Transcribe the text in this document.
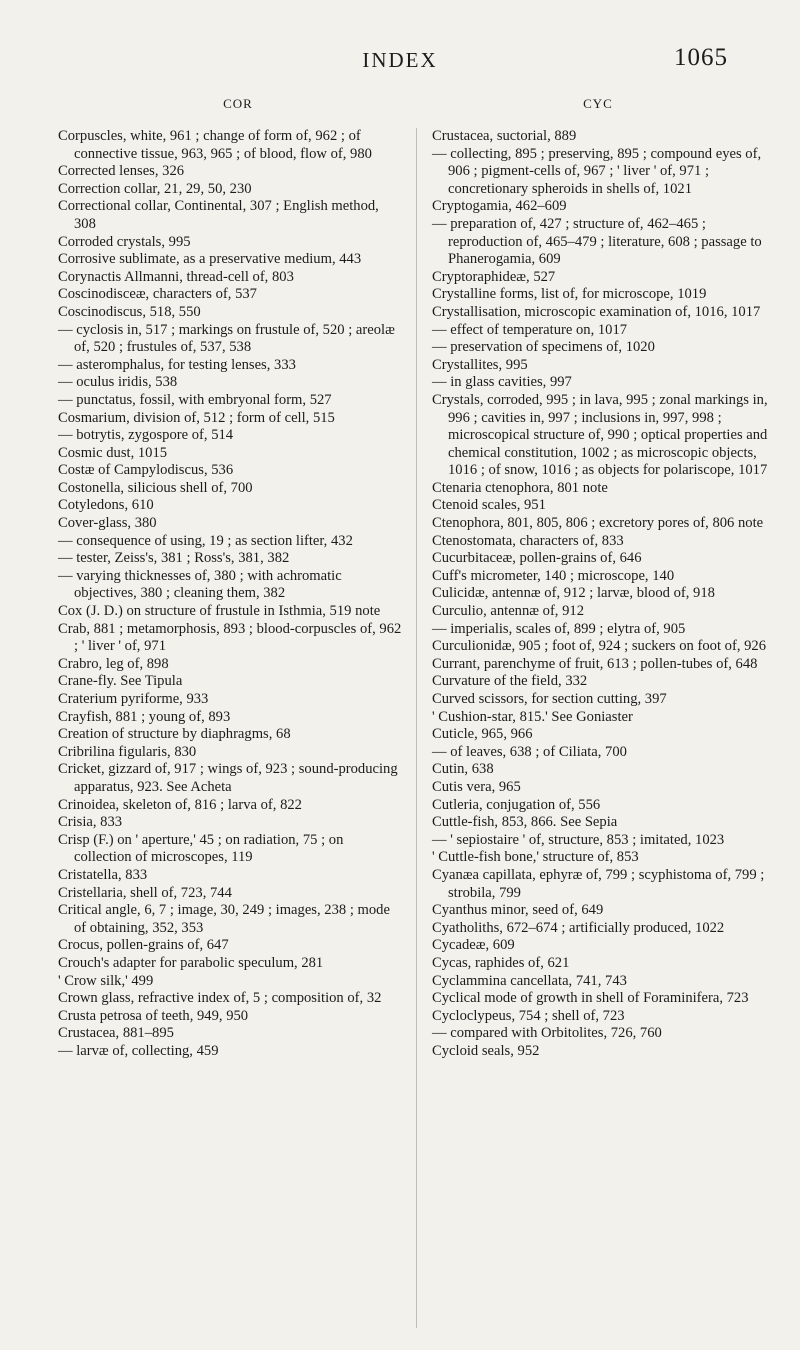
INDEX	1065
COR	CYC

Corpuscles, white, 961 ; change of form of, 962 ; of connective tissue, 963, 965 ; of blood, flow of, 980

Corrected lenses, 326

Correction collar, 21, 29, 50, 230

Correctional collar, Continental, 307 ; English method, 308

Corroded crystals, 995

Corrosive sublimate, as a preservative medium, 443

Corynactis Allmanni, thread-cell of, 803

Coscinodisceæ, characters of, 537

Coscinodiscus, 518, 550

— cyclosis in, 517 ; markings on frustule of, 520 ; areolæ of, 520 ; frustules of, 537, 538

— asteromphalus, for testing lenses, 333

— oculus iridis, 538

— punctatus, fossil, with embryonal form, 527

Cosmarium, division of, 512 ; form of cell, 515

— botrytis, zygospore of, 514

Cosmic dust, 1015

Costæ of Campylodiscus, 536

Costonella, silicious shell of, 700

Cotyledons, 610

Cover-glass, 380

— consequence of using, 19 ; as section lifter, 432

— tester, Zeiss's, 381 ; Ross's, 381, 382

— varying thicknesses of, 380 ; with achromatic objectives, 380 ; cleaning them, 382

Cox (J. D.) on structure of frustule in Isthmia, 519 note

Crab, 881 ; metamorphosis, 893 ; blood-corpuscles of, 962 ; ' liver ' of, 971

Crabro, leg of, 898

Crane-fly. See Tipula

Craterium pyriforme, 933

Crayfish, 881 ; young of, 893

Creation of structure by diaphragms, 68

Cribrilina figularis, 830

Cricket, gizzard of, 917 ; wings of, 923 ; sound-producing apparatus, 923. See Acheta

Crinoidea, skeleton of, 816 ; larva of, 822

Crisia, 833

Crisp (F.) on ' aperture,' 45 ; on radiation, 75 ; on collection of microscopes, 119

Cristatella, 833

Cristellaria, shell of, 723, 744

Critical angle, 6, 7 ; image, 30, 249 ; images, 238 ; mode of obtaining, 352, 353

Crocus, pollen-grains of, 647

Crouch's adapter for parabolic speculum, 281

' Crow silk,' 499

Crown glass, refractive index of, 5 ; composition of, 32

Crusta petrosa of teeth, 949, 950

Crustacea, 881–895

— larvæ of, collecting, 459

Crustacea, suctorial, 889

— collecting, 895 ; preserving, 895 ; compound eyes of, 906 ; pigment-cells of, 967 ; ' liver ' of, 971 ; concretionary spheroids in shells of, 1021

Cryptogamia, 462–609

— preparation of, 427 ; structure of, 462–465 ; reproduction of, 465–479 ; literature, 608 ; passage to Phanerogamia, 609

Cryptoraphideæ, 527

Crystalline forms, list of, for microscope, 1019

Crystallisation, microscopic examination of, 1016, 1017

— effect of temperature on, 1017

— preservation of specimens of, 1020

Crystallites, 995

— in glass cavities, 997

Crystals, corroded, 995 ; in lava, 995 ; zonal markings in, 996 ; cavities in, 997 ; inclusions in, 997, 998 ; microscopical structure of, 990 ; optical properties and chemical constitution, 1002 ; as microscopic objects, 1016 ; of snow, 1016 ; as objects for polariscope, 1017

Ctenaria ctenophora, 801 note

Ctenoid scales, 951

Ctenophora, 801, 805, 806 ; excretory pores of, 806 note

Ctenostomata, characters of, 833

Cucurbitaceæ, pollen-grains of, 646

Cuff's micrometer, 140 ; microscope, 140

Culicidæ, antennæ of, 912 ; larvæ, blood of, 918

Curculio, antennæ of, 912

— imperialis, scales of, 899 ; elytra of, 905

Curculionidæ, 905 ; foot of, 924 ; suckers on foot of, 926

Currant, parenchyme of fruit, 613 ; pollen-tubes of, 648

Curvature of the field, 332

Curved scissors, for section cutting, 397

' Cushion-star, 815.' See Goniaster

Cuticle, 965, 966

— of leaves, 638 ; of Ciliata, 700

Cutin, 638

Cutis vera, 965

Cutleria, conjugation of, 556

Cuttle-fish, 853, 866. See Sepia

— ' sepiostaire ' of, structure, 853 ; imitated, 1023

' Cuttle-fish bone,' structure of, 853

Cyanæa capillata, ephyræ of, 799 ; scyphistoma of, 799 ; strobila, 799

Cyanthus minor, seed of, 649

Cyatholiths, 672–674 ; artificially produced, 1022

Cycadeæ, 609

Cycas, raphides of, 621

Cyclammina cancellata, 741, 743

Cyclical mode of growth in shell of Foraminifera, 723

Cycloclypeus, 754 ; shell of, 723

— compared with Orbitolites, 726, 760

Cycloid seals, 952
